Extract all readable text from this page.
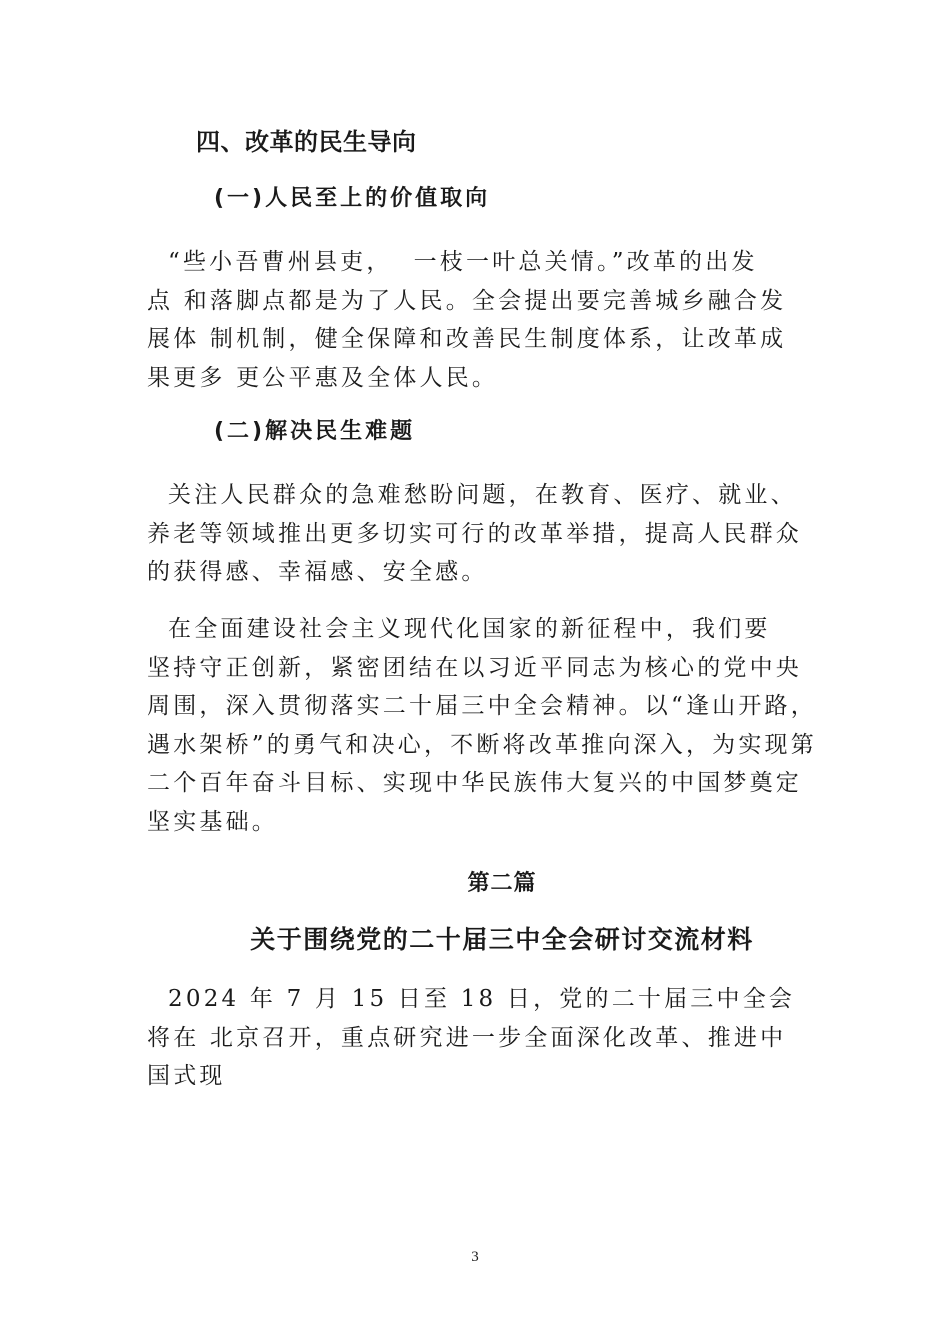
四、改革的民生导向
(一)人民至上的价值取向
“些小吾曹州县吏，  一枝一叶总关情。”改革的出发
点 和落脚点都是为了人民。全会提出要完善城乡融合发
展体 制机制，健全保障和改善民生制度体系，让改革成
果更多 更公平惠及全体人民。
(二)解决民生难题
关注人民群众的急难愁盼问题，在教育、医疗、就业、
养老等领域推出更多切实可行的改革举措，提高人民群众
的获得感、幸福感、安全感。
在全面建设社会主义现代化国家的新征程中，我们要
坚持守正创新，紧密团结在以习近平同志为核心的党中央
周围，深入贯彻落实二十届三中全会精神。以“逢山开路，
遇水架桥”的勇气和决心，不断将改革推向深入，为实现第
二个百年奋斗目标、实现中华民族伟大复兴的中国梦奠定
坚实基础。
第二篇
关于围绕党的二十届三中全会研讨交流材料
2024 年 7 月 15 日至 18 日，党的二十届三中全会
将在 北京召开，重点研究进一步全面深化改革、推进中
国式现
3
